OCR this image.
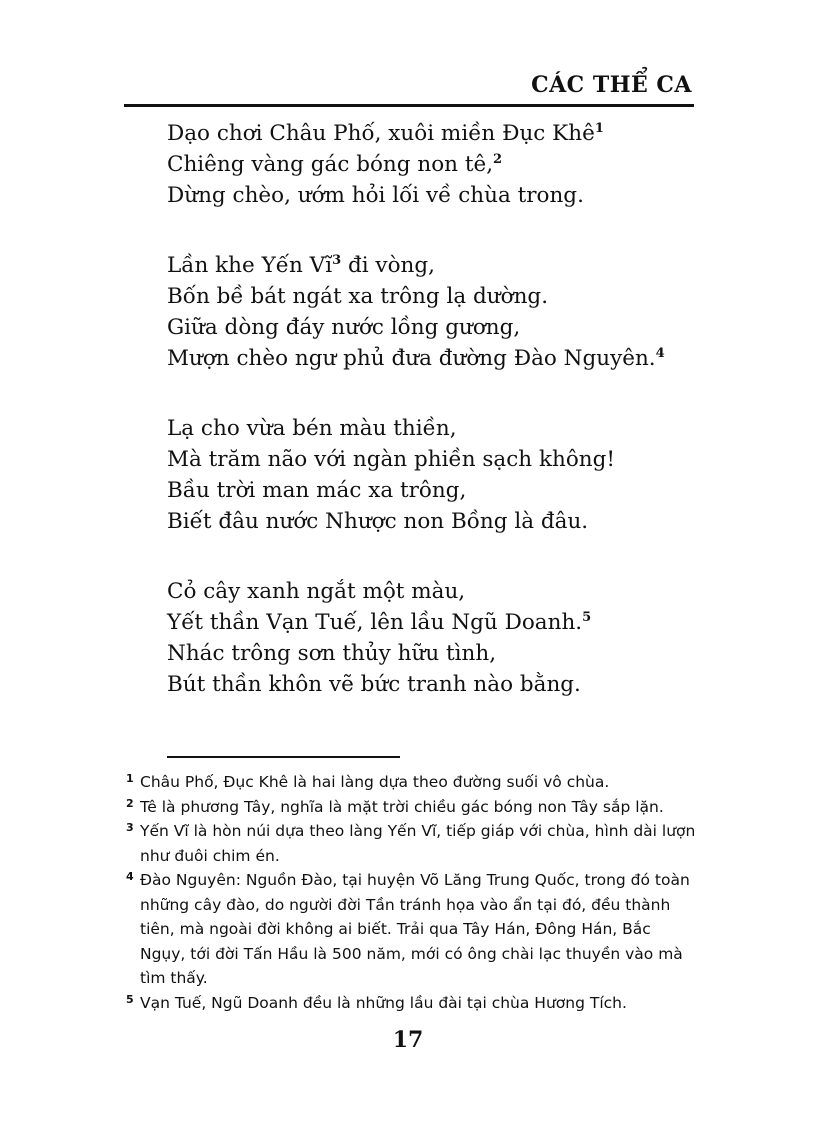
CÁC THỂ CA
Dạo chơi Châu Phố, xuôi miền Đục Khê$^1$
Chiêng vàng gác bóng non tê,$^2$
Dừng chèo, ướm hỏi lối về chùa trong.
Lần khe Yến $Vĩ^3$ đi vòng,
Bốn bề bát ngát xa trông lạ dường.
Giữa dòng đáy nước lồng gương,
Mượn chèo ngư phủ đưa đường Đào Nguyên.$^4$
Lạ cho vừa bén màu thiền,
Mà trăm não với ngàn phiền sạch không!
Bầu trời man mác xa trông,
Biết đâu nước Nhược non Bồng là đâu.
Cỏ cây xanh ngắt một màu,
Yết thần Vạn Tuế, lên lầu Ngũ Doanh.$^5$
Nhác trông sơn thủy hữu tình,
Bút thần khôn vẽ bức tranh nào bằng.
1 Châu Phố, Đục Khê là hai làng dựa theo đường suối vô chùa.
2 Tê là phương Tây, nghĩa là mặt trời chiều gác bóng non Tây sắp lặn.
3 Yến Vĩ là hòn núi dựa theo làng Yến Vĩ, tiếp giáp với chùa, hình dài lượn như đuôi chim én.
4 Đào Nguyên: Nguồn Đào, tại huyện Võ Lăng Trung Quốc, trong đó toàn những cây đào, do người đời Tần tránh họa vào ẩn tại đó, đều thành tiên, mà ngoài đời không ai biết. Trải qua Tây Hán, Đông Hán, Bắc Ngụy, tới đời Tấn Hầu là 500 năm, mới có ông chài lạc thuyền vào mà tìm thấy.
5 Vạn Tuế, Ngũ Doanh đều là những lầu đài tại chùa Hương Tích.
17
